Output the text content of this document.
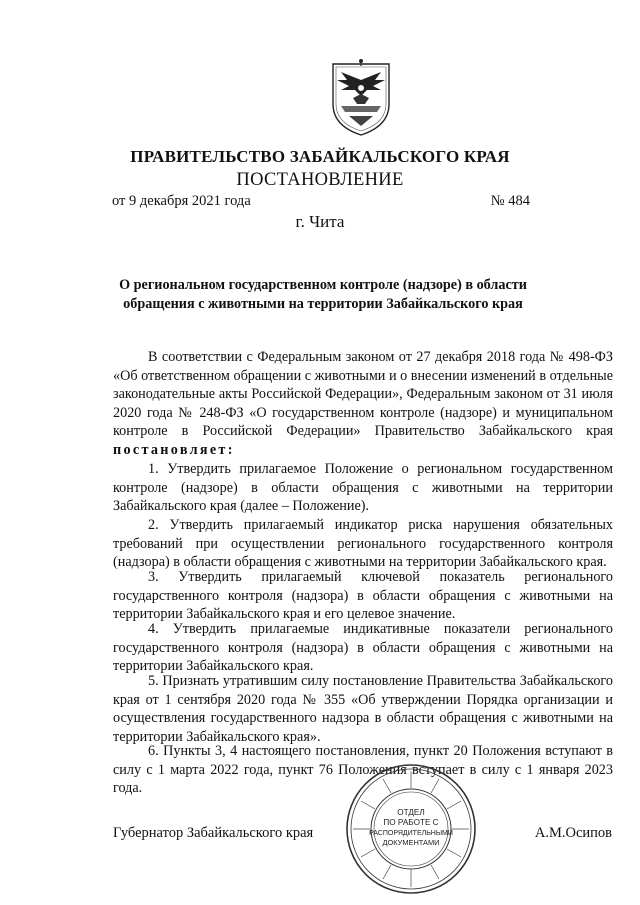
ПРАВИТЕЛЬСТВО ЗАБАЙКАЛЬСКОГО КРАЯ
ПОСТАНОВЛЕНИЕ
от 9 декабря 2021 года	№ 484
г. Чита
О региональном государственном контроле (надзоре) в области обращения с животными на территории Забайкальского края
В соответствии с Федеральным законом от 27 декабря 2018 года № 498-ФЗ «Об ответственном обращении с животными и о внесении изменений в отдельные законодательные акты Российской Федерации», Федеральным законом от 31 июля 2020 года № 248-ФЗ «О государственном контроле (надзоре) и муниципальном контроле в Российской Федерации» Правительство Забайкальского края постановляет:
1. Утвердить прилагаемое Положение о региональном государственном контроле (надзоре) в области обращения с животными на территории Забайкальского края (далее – Положение).
2. Утвердить прилагаемый индикатор риска нарушения обязательных требований при осуществлении регионального государственного контроля (надзора) в области обращения с животными на территории Забайкальского края.
3. Утвердить прилагаемый ключевой показатель регионального государственного контроля (надзора) в области обращения с животными на территории Забайкальского края и его целевое значение.
4. Утвердить прилагаемые индикативные показатели регионального государственного контроля (надзора) в области обращения с животными на территории Забайкальского края.
5. Признать утратившим силу постановление Правительства Забайкальского края от 1 сентября 2020 года № 355 «Об утверждении Порядка организации и осуществления государственного надзора в области обращения с животными на территории Забайкальского края».
6. Пункты 3, 4 настоящего постановления, пункт 20 Положения вступают в силу с 1 марта 2022 года, пункт 76 Положения вступает в силу с 1 января 2023 года.
Губернатор Забайкальского края	А.М.Осипов
ОТДЕЛ
ПО РАБОТЕ С
РАСПОРЯДИТЕЛЬНЫМИ
ДОКУМЕНТАМИ
